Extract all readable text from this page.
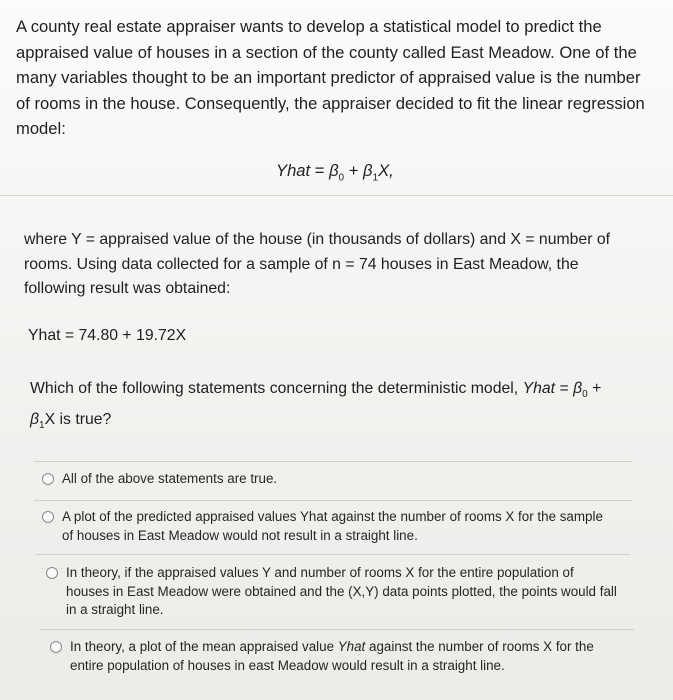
A county real estate appraiser wants to develop a statistical model to predict the appraised value of houses in a section of the county called East Meadow. One of the many variables thought to be an important predictor of appraised value is the number of rooms in the house. Consequently, the appraiser decided to fit the linear regression model:
Yhat = $\beta_0 + \beta_1X$,
where Y = appraised value of the house (in thousands of dollars) and X = number of rooms. Using data collected for a sample of n = 74 houses in East Meadow, the following result was obtained:
Yhat = 74.80 + 19.72X
Which of the following statements concerning the deterministic model, Yhat = $\beta_0$ +
$\beta_1X$ is true?
All of the above statements are true.
A plot of the predicted appraised values Yhat against the number of rooms X for the sample of houses in East Meadow would not result in a straight line.
In theory, if the appraised values Y and number of rooms X for the entire population of houses in East Meadow were obtained and the (X,Y) data points plotted, the points would fall in a straight line.
In theory, a plot of the mean appraised value Yhat against the number of rooms X for the entire population of houses in east Meadow would result in a straight line.
